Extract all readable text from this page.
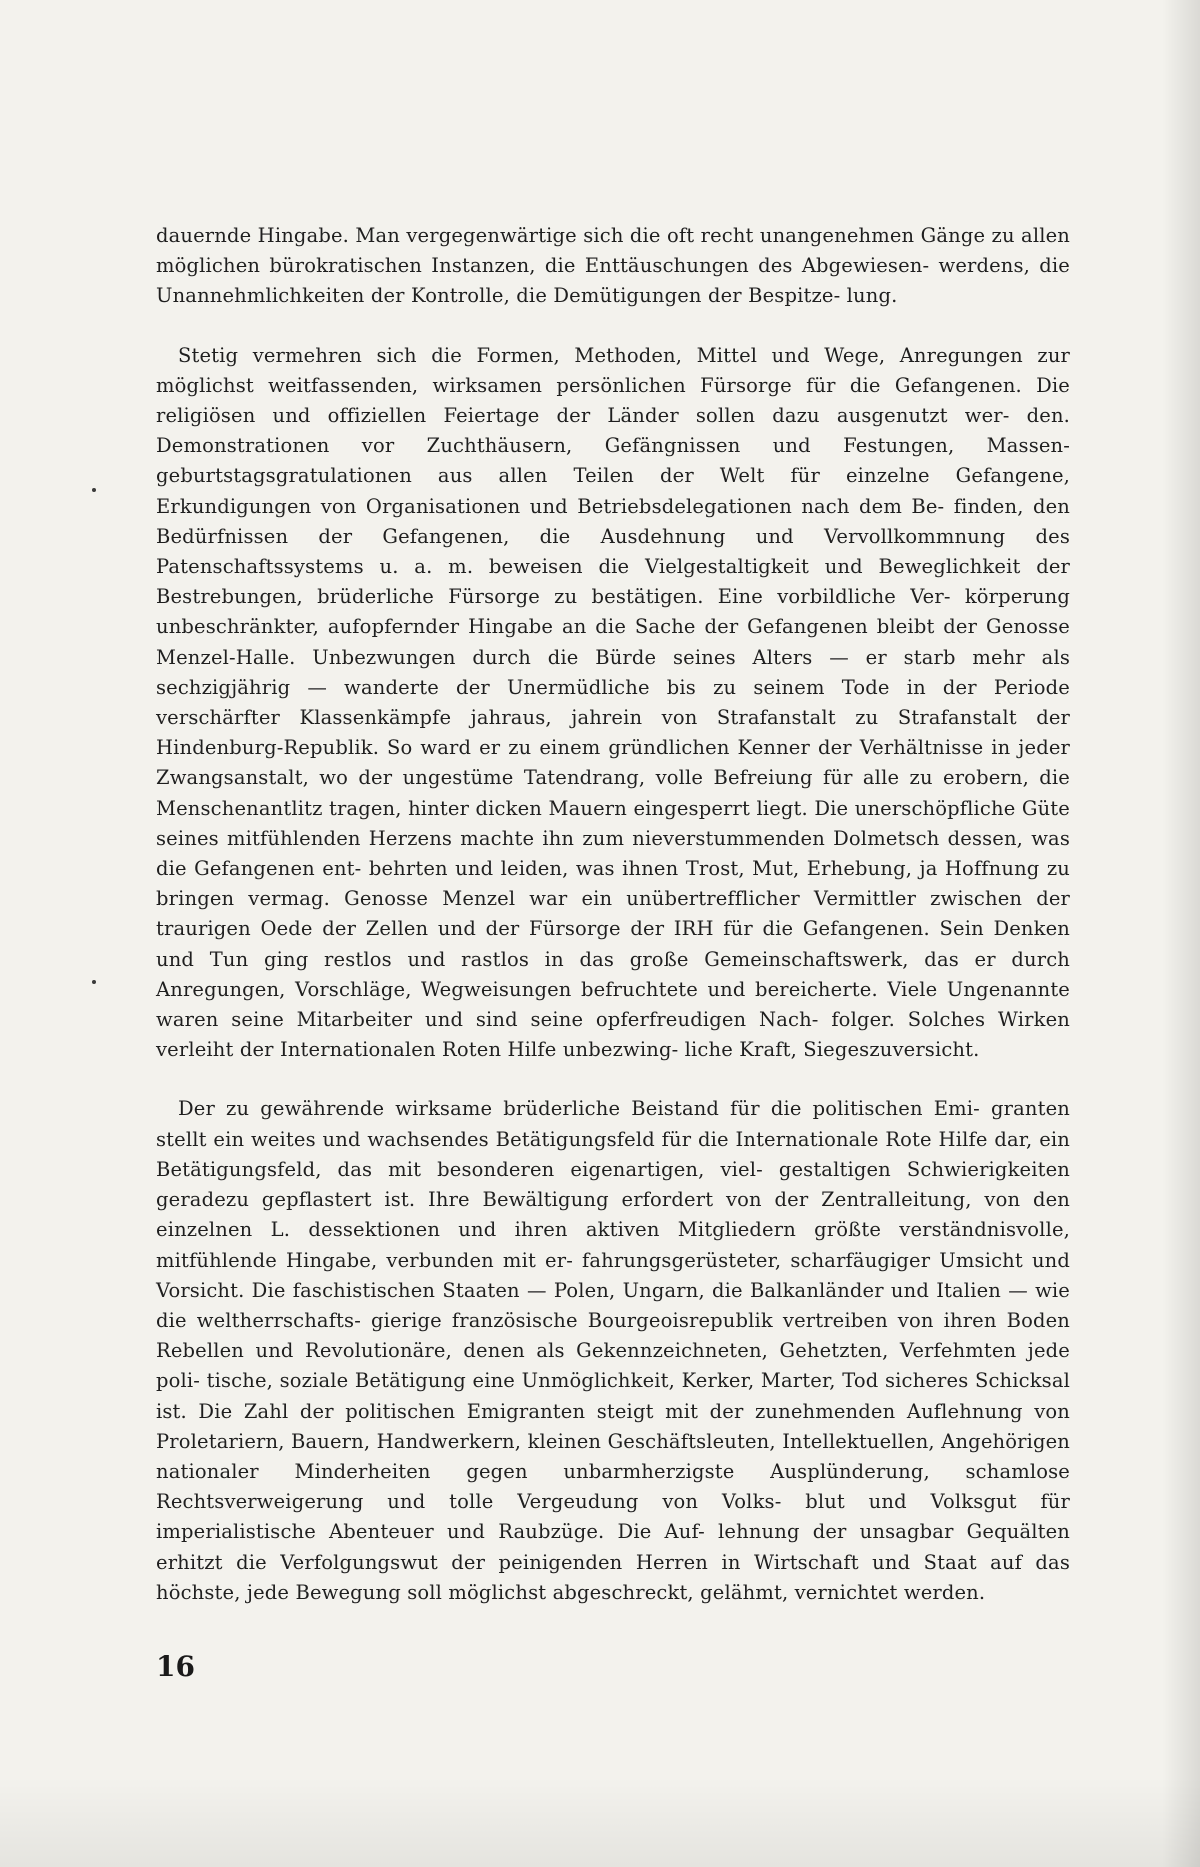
dauernde Hingabe. Man vergegenwärtige sich die oft recht unangenehmen Gänge zu allen möglichen bürokratischen Instanzen, die Enttäuschungen des Abgewiesen- werdens, die Unannehmlichkeiten der Kontrolle, die Demütigungen der Bespitze- lung.

Stetig vermehren sich die Formen, Methoden, Mittel und Wege, Anregungen zur möglichst weitfassenden, wirksamen persönlichen Fürsorge für die Gefangenen. Die religiösen und offiziellen Feiertage der Länder sollen dazu ausgenutzt wer- den. Demonstrationen vor Zuchthäusern, Gefängnissen und Festungen, Massen- geburtstagsgratulationen aus allen Teilen der Welt für einzelne Gefangene, Erkundigungen von Organisationen und Betriebsdelegationen nach dem Be- finden, den Bedürfnissen der Gefangenen, die Ausdehnung und Vervollkommnung des Patenschaftssystems u. a. m. beweisen die Vielgestaltigkeit und Beweglichkeit der Bestrebungen, brüderliche Fürsorge zu bestätigen. Eine vorbildliche Ver- körperung unbeschränkter, aufopfernder Hingabe an die Sache der Gefangenen bleibt der Genosse Menzel-Halle. Unbezwungen durch die Bürde seines Alters — er starb mehr als sechzigjährig — wanderte der Unermüdliche bis zu seinem Tode in der Periode verschärfter Klassenkämpfe jahraus, jahrein von Strafanstalt zu Strafanstalt der Hindenburg-Republik. So ward er zu einem gründlichen Kenner der Verhältnisse in jeder Zwangsanstalt, wo der ungestüme Tatendrang, volle Befreiung für alle zu erobern, die Menschenantlitz tragen, hinter dicken Mauern eingesperrt liegt. Die unerschöpfliche Güte seines mitfühlenden Herzens machte ihn zum nieverstummenden Dolmetsch dessen, was die Gefangenen ent- behrten und leiden, was ihnen Trost, Mut, Erhebung, ja Hoffnung zu bringen vermag. Genosse Menzel war ein unübertrefflicher Vermittler zwischen der traurigen Oede der Zellen und der Fürsorge der IRH für die Gefangenen. Sein Denken und Tun ging restlos und rastlos in das große Gemeinschaftswerk, das er durch Anregungen, Vorschläge, Wegweisungen befruchtete und bereicherte. Viele Ungenannte waren seine Mitarbeiter und sind seine opferfreudigen Nach- folger. Solches Wirken verleiht der Internationalen Roten Hilfe unbezwing- liche Kraft, Siegeszuversicht.

Der zu gewährende wirksame brüderliche Beistand für die politischen Emi- granten stellt ein weites und wachsendes Betätigungsfeld für die Internationale Rote Hilfe dar, ein Betätigungsfeld, das mit besonderen eigenartigen, viel- gestaltigen Schwierigkeiten geradezu gepflastert ist. Ihre Bewältigung erfordert von der Zentralleitung, von den einzelnen L. dessektionen und ihren aktiven Mitgliedern größte verständnisvolle, mitfühlende Hingabe, verbunden mit er- fahrungsgerüsteter, scharfäugiger Umsicht und Vorsicht. Die faschistischen Staaten — Polen, Ungarn, die Balkanländer und Italien — wie die weltherrschafts- gierige französische Bourgeoisrepublik vertreiben von ihren Boden Rebellen und Revolutionäre, denen als Gekennzeichneten, Gehetzten, Verfehmten jede poli- tische, soziale Betätigung eine Unmöglichkeit, Kerker, Marter, Tod sicheres Schicksal ist. Die Zahl der politischen Emigranten steigt mit der zunehmenden Auflehnung von Proletariern, Bauern, Handwerkern, kleinen Geschäftsleuten, Intellektuellen, Angehörigen nationaler Minderheiten gegen unbarmherzigste Ausplünderung, schamlose Rechtsverweigerung und tolle Vergeudung von Volks- blut und Volksgut für imperialistische Abenteuer und Raubzüge. Die Auf- lehnung der unsagbar Gequälten erhitzt die Verfolgungswut der peinigenden Herren in Wirtschaft und Staat auf das höchste, jede Bewegung soll möglichst abgeschreckt, gelähmt, vernichtet werden.

16
